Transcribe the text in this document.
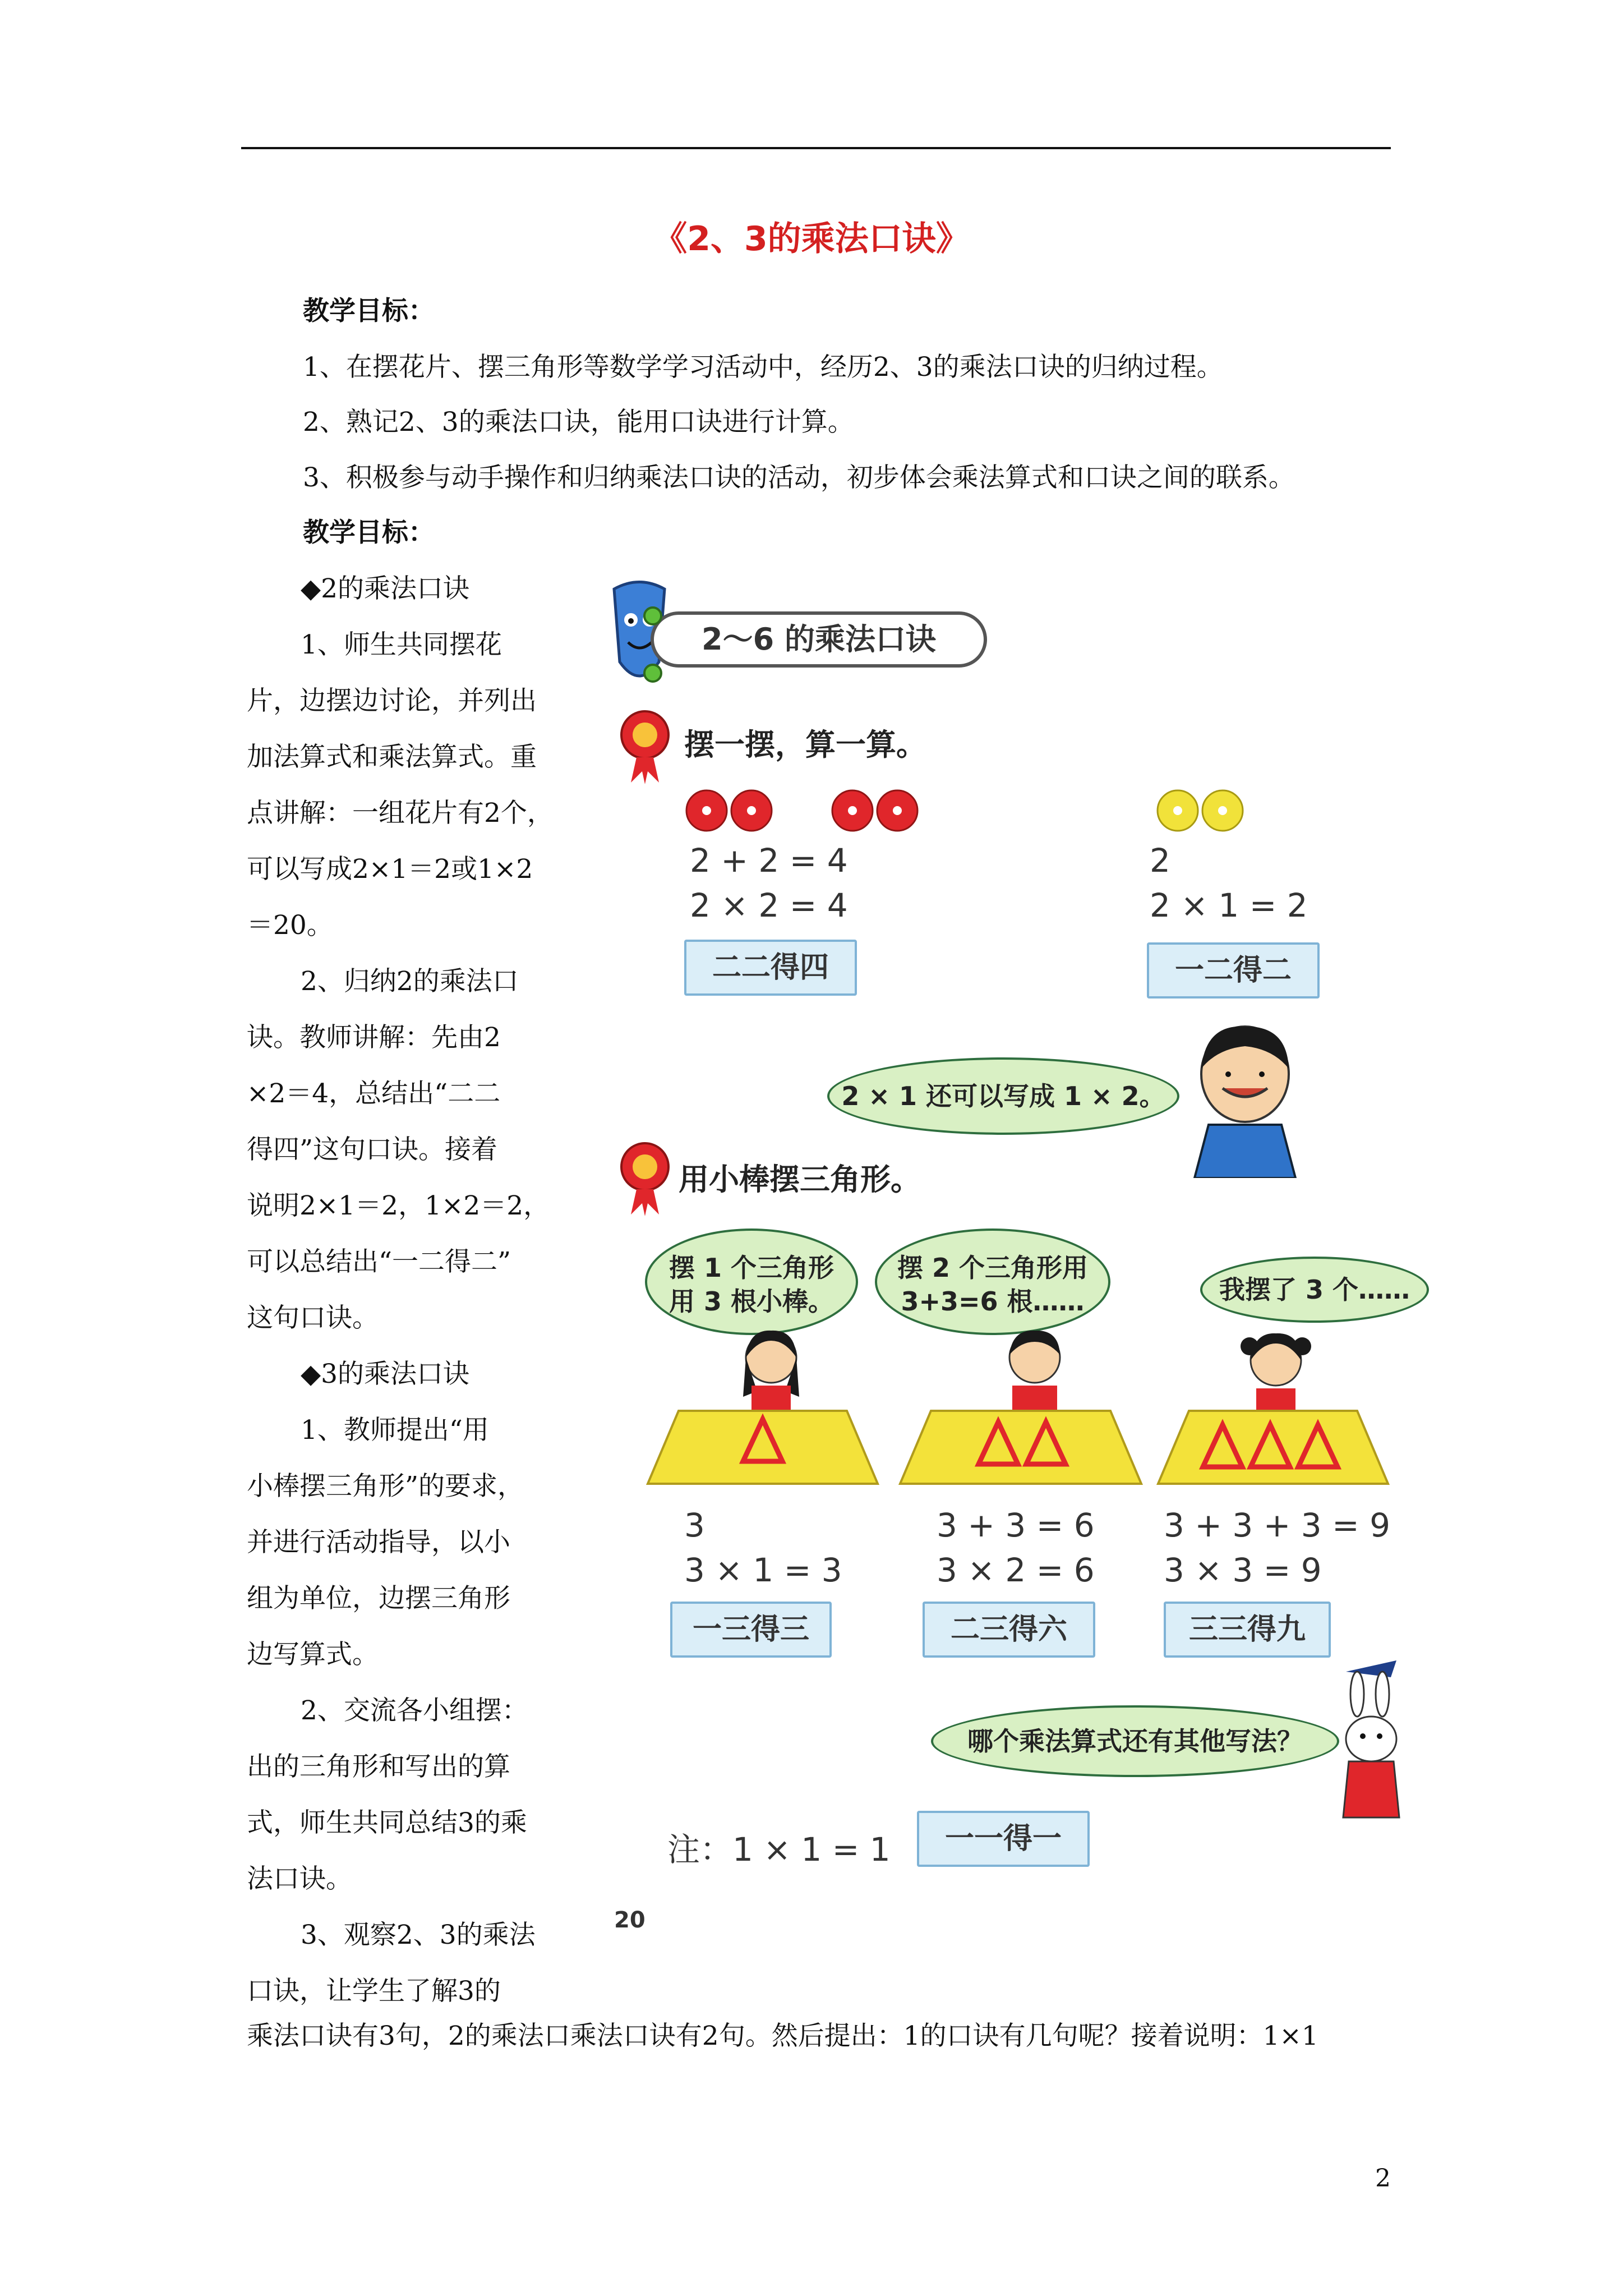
《2、3的乘法口诀》
教学目标：
1、在摆花片、摆三角形等数学学习活动中，经历2、3的乘法口诀的归纳过程。
2、熟记2、3的乘法口诀，能用口诀进行计算。
3、积极参与动手操作和归纳乘法口诀的活动，初步体会乘法算式和口诀之间的联系。
教学目标：

◆2的乘法口诀

1、师生共同摆花

片，边摆边讨论，并列出

加法算式和乘法算式。重

点讲解：一组花片有2个，

可以写成2×1＝2或1×2

＝20。

2、归纳2的乘法口

诀。教师讲解：先由2

×2＝4，总结出“二二

得四”这句口诀。接着

说明2×1＝2，1×2＝2，

可以总结出“一二得二”

这句口诀。

◆3的乘法口诀

1、教师提出“用

小棒摆三角形”的要求，

并进行活动指导，以小

组为单位，边摆三角形

边写算式。

2、交流各小组摆：

出的三角形和写出的算

式，师生共同总结3的乘

法口诀。

3、观察2、3的乘法

口诀，让学生了解3的

乘法口诀有3句，2的乘法口乘法口诀有2句。然后提出：1的口诀有几句呢？接着说明：1×1
2
2～6 的乘法口诀
摆一摆，算一算。
2 + 2 = 4
2 × 2 = 4
二二得四
2
2 × 1 = 2
一二得二
2 × 1 还可以写成 1 × 2。
用小棒摆三角形。
摆 1 个三角形
用 3 根小棒。
摆 2 个三角形用
3+3=6 根……	我摆了 3 个……
3
3 × 1 = 3
一三得三
3 + 3 = 6
3 × 2 = 6
二三得六
3 + 3 + 3 = 9
3 × 3 = 9
三三得九
哪个乘法算式还有其他写法？
注：1 × 1 = 1	一一得一
20
